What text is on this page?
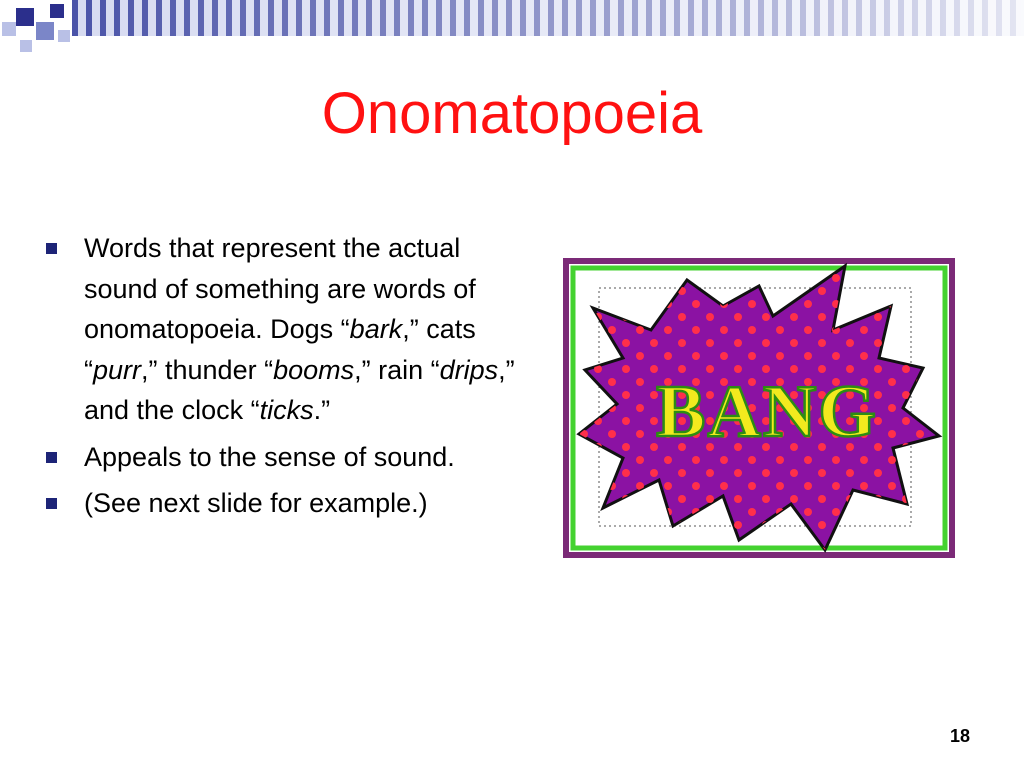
Onomatopoeia
Words that represent the actual sound of something are words of onomatopoeia. Dogs “bark,” cats “purr,” thunder “booms,” rain “drips,” and the clock “ticks.”
Appeals to the sense of sound.
(See next slide for example.)
BANG
18
